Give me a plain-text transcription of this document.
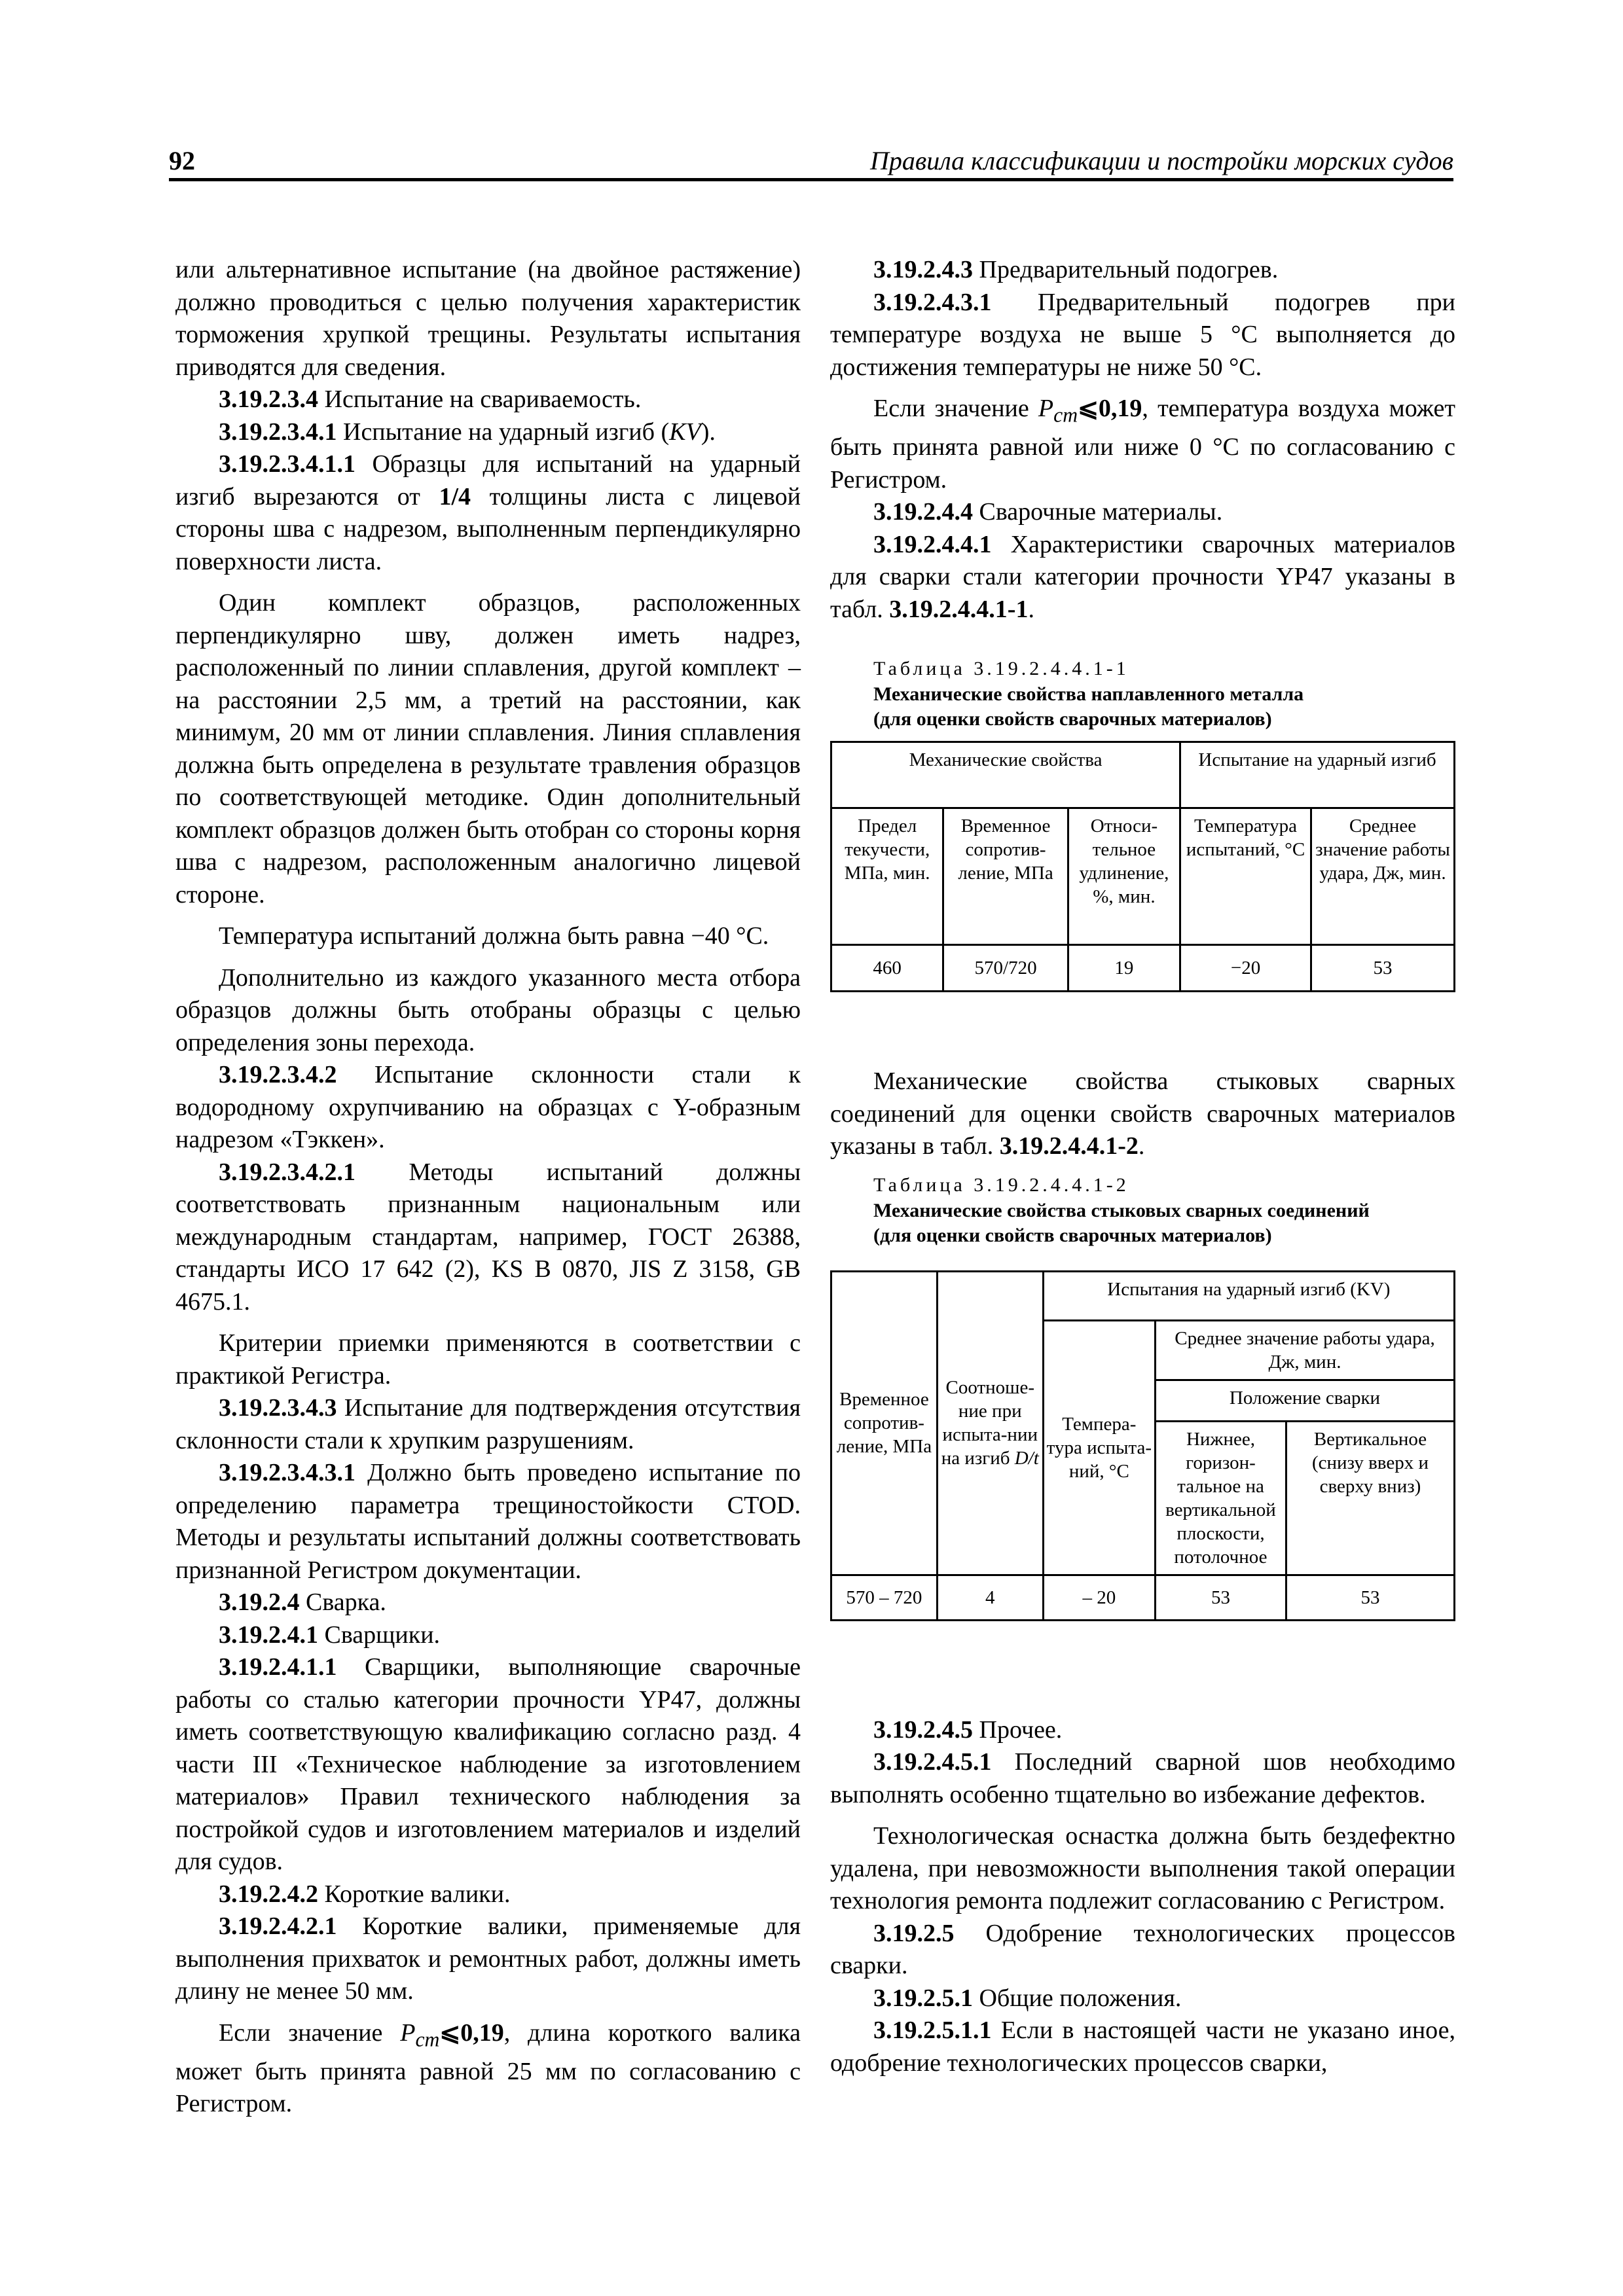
92	Правила классификации и постройки морских судов

или альтернативное испытание (на двойное растяжение) должно проводиться с целью получения характеристик торможения хрупкой трещины. Результаты испытания приводятся для сведения.

3.19.2.3.4 Испытание на свариваемость.

3.19.2.3.4.1 Испытание на ударный изгиб (KV).

3.19.2.3.4.1.1 Образцы для испытаний на ударный изгиб вырезаются от 1/4 толщины листа с лицевой стороны шва с надрезом, выполненным перпендикулярно поверхности листа.

Один комплект образцов, расположенных перпендикулярно шву, должен иметь надрез, расположенный по линии сплавления, другой комплект – на расстоянии 2,5 мм, а третий на расстоянии, как минимум, 20 мм от линии сплавления. Линия сплавления должна быть определена в результате травления образцов по соответствующей методике. Один дополнительный комплект образцов должен быть отобран со стороны корня шва с надрезом, расположенным аналогично лицевой стороне.

Температура испытаний должна быть равна −40 °С.

Дополнительно из каждого указанного места отбора образцов должны быть отобраны образцы с целью определения зоны перехода.

3.19.2.3.4.2 Испытание склонности стали к водородному охрупчиванию на образцах с Y-образным надрезом «Тэккен».

3.19.2.3.4.2.1 Методы испытаний должны соответствовать признанным национальным или международным стандартам, например, ГОСТ 26388, стандарты ИСО 17 642 (2), KS B 0870, JIS Z 3158, GB 4675.1.

Критерии приемки применяются в соответствии с практикой Регистра.

3.19.2.3.4.3 Испытание для подтверждения отсутствия склонности стали к хрупким разрушениям.

3.19.2.3.4.3.1 Должно быть проведено испытание по определению параметра трещиностойкости CTOD. Методы и результаты испытаний должны соответствовать признанной Регистром документации.

3.19.2.4 Сварка.

3.19.2.4.1 Сварщики.

3.19.2.4.1.1 Сварщики, выполняющие сварочные работы со сталью категории прочности YP47, должны иметь соответствующую квалификацию согласно разд. 4 части III «Техническое наблюдение за изготовлением материалов» Правил технического наблюдения за постройкой судов и изготовлением материалов и изделий для судов.

3.19.2.4.2 Короткие валики.

3.19.2.4.2.1 Короткие валики, применяемые для выполнения прихваток и ремонтных работ, должны иметь длину не менее 50 мм.

Если значение $P_{cm}⩽0,19$, длина короткого валика может быть принята равной 25 мм по согласованию с Регистром.

3.19.2.4.3 Предварительный подогрев.

3.19.2.4.3.1 Предварительный подогрев при температуре воздуха не выше 5 °С выполняется до достижения температуры не ниже 50 °С.

Если значение $P_{cm}⩽0,19$, температура воздуха может быть принята равной или ниже 0 °С по согласованию с Регистром.

3.19.2.4.4 Сварочные материалы.

3.19.2.4.4.1 Характеристики сварочных материалов для сварки стали категории прочности YP47 указаны в табл. 3.19.2.4.4.1-1.

Таблица 3.19.2.4.4.1-1

Механические свойства наплавленного металла

(для оценки свойств сварочных материалов)

Механические свойства			Испытание на ударный изгиб	
Предел текучести, МПа, мин.	Временное сопротив-ление, МПа	Относи-тельное удлинение, %, мин.	Температура испытаний, °С	Среднее значение работы удара, Дж, мин.
460	570/720	19	−20	53

Механические свойства стыковых сварных соединений для оценки свойств сварочных материалов указаны в табл. 3.19.2.4.4.1-2.

Таблица 3.19.2.4.4.1-2

Механические свойства стыковых сварных соединений

(для оценки свойств сварочных материалов)

Временное сопротив-ление, МПа	Соотноше-ние при испыта-нии на изгиб D/t	Испытания на ударный изгиб (KV)		
		Темпера-тура испыта-ний, °С	Среднее значение работы удара, Дж, мин.	
			Положение сварки	
			Нижнее, горизон-тальное на вертикальной плоскости, потолочное	Вертикальное (снизу вверх и сверху вниз)
570 – 720	4	– 20	53	53

3.19.2.4.5 Прочее.

3.19.2.4.5.1 Последний сварной шов необходимо выполнять особенно тщательно во избежание дефектов.

Технологическая оснастка должна быть бездефектно удалена, при невозможности выполнения такой операции технология ремонта подлежит согласованию с Регистром.

3.19.2.5 Одобрение технологических процессов сварки.

3.19.2.5.1 Общие положения.

3.19.2.5.1.1 Если в настоящей части не указано иное, одобрение технологических процессов сварки,
